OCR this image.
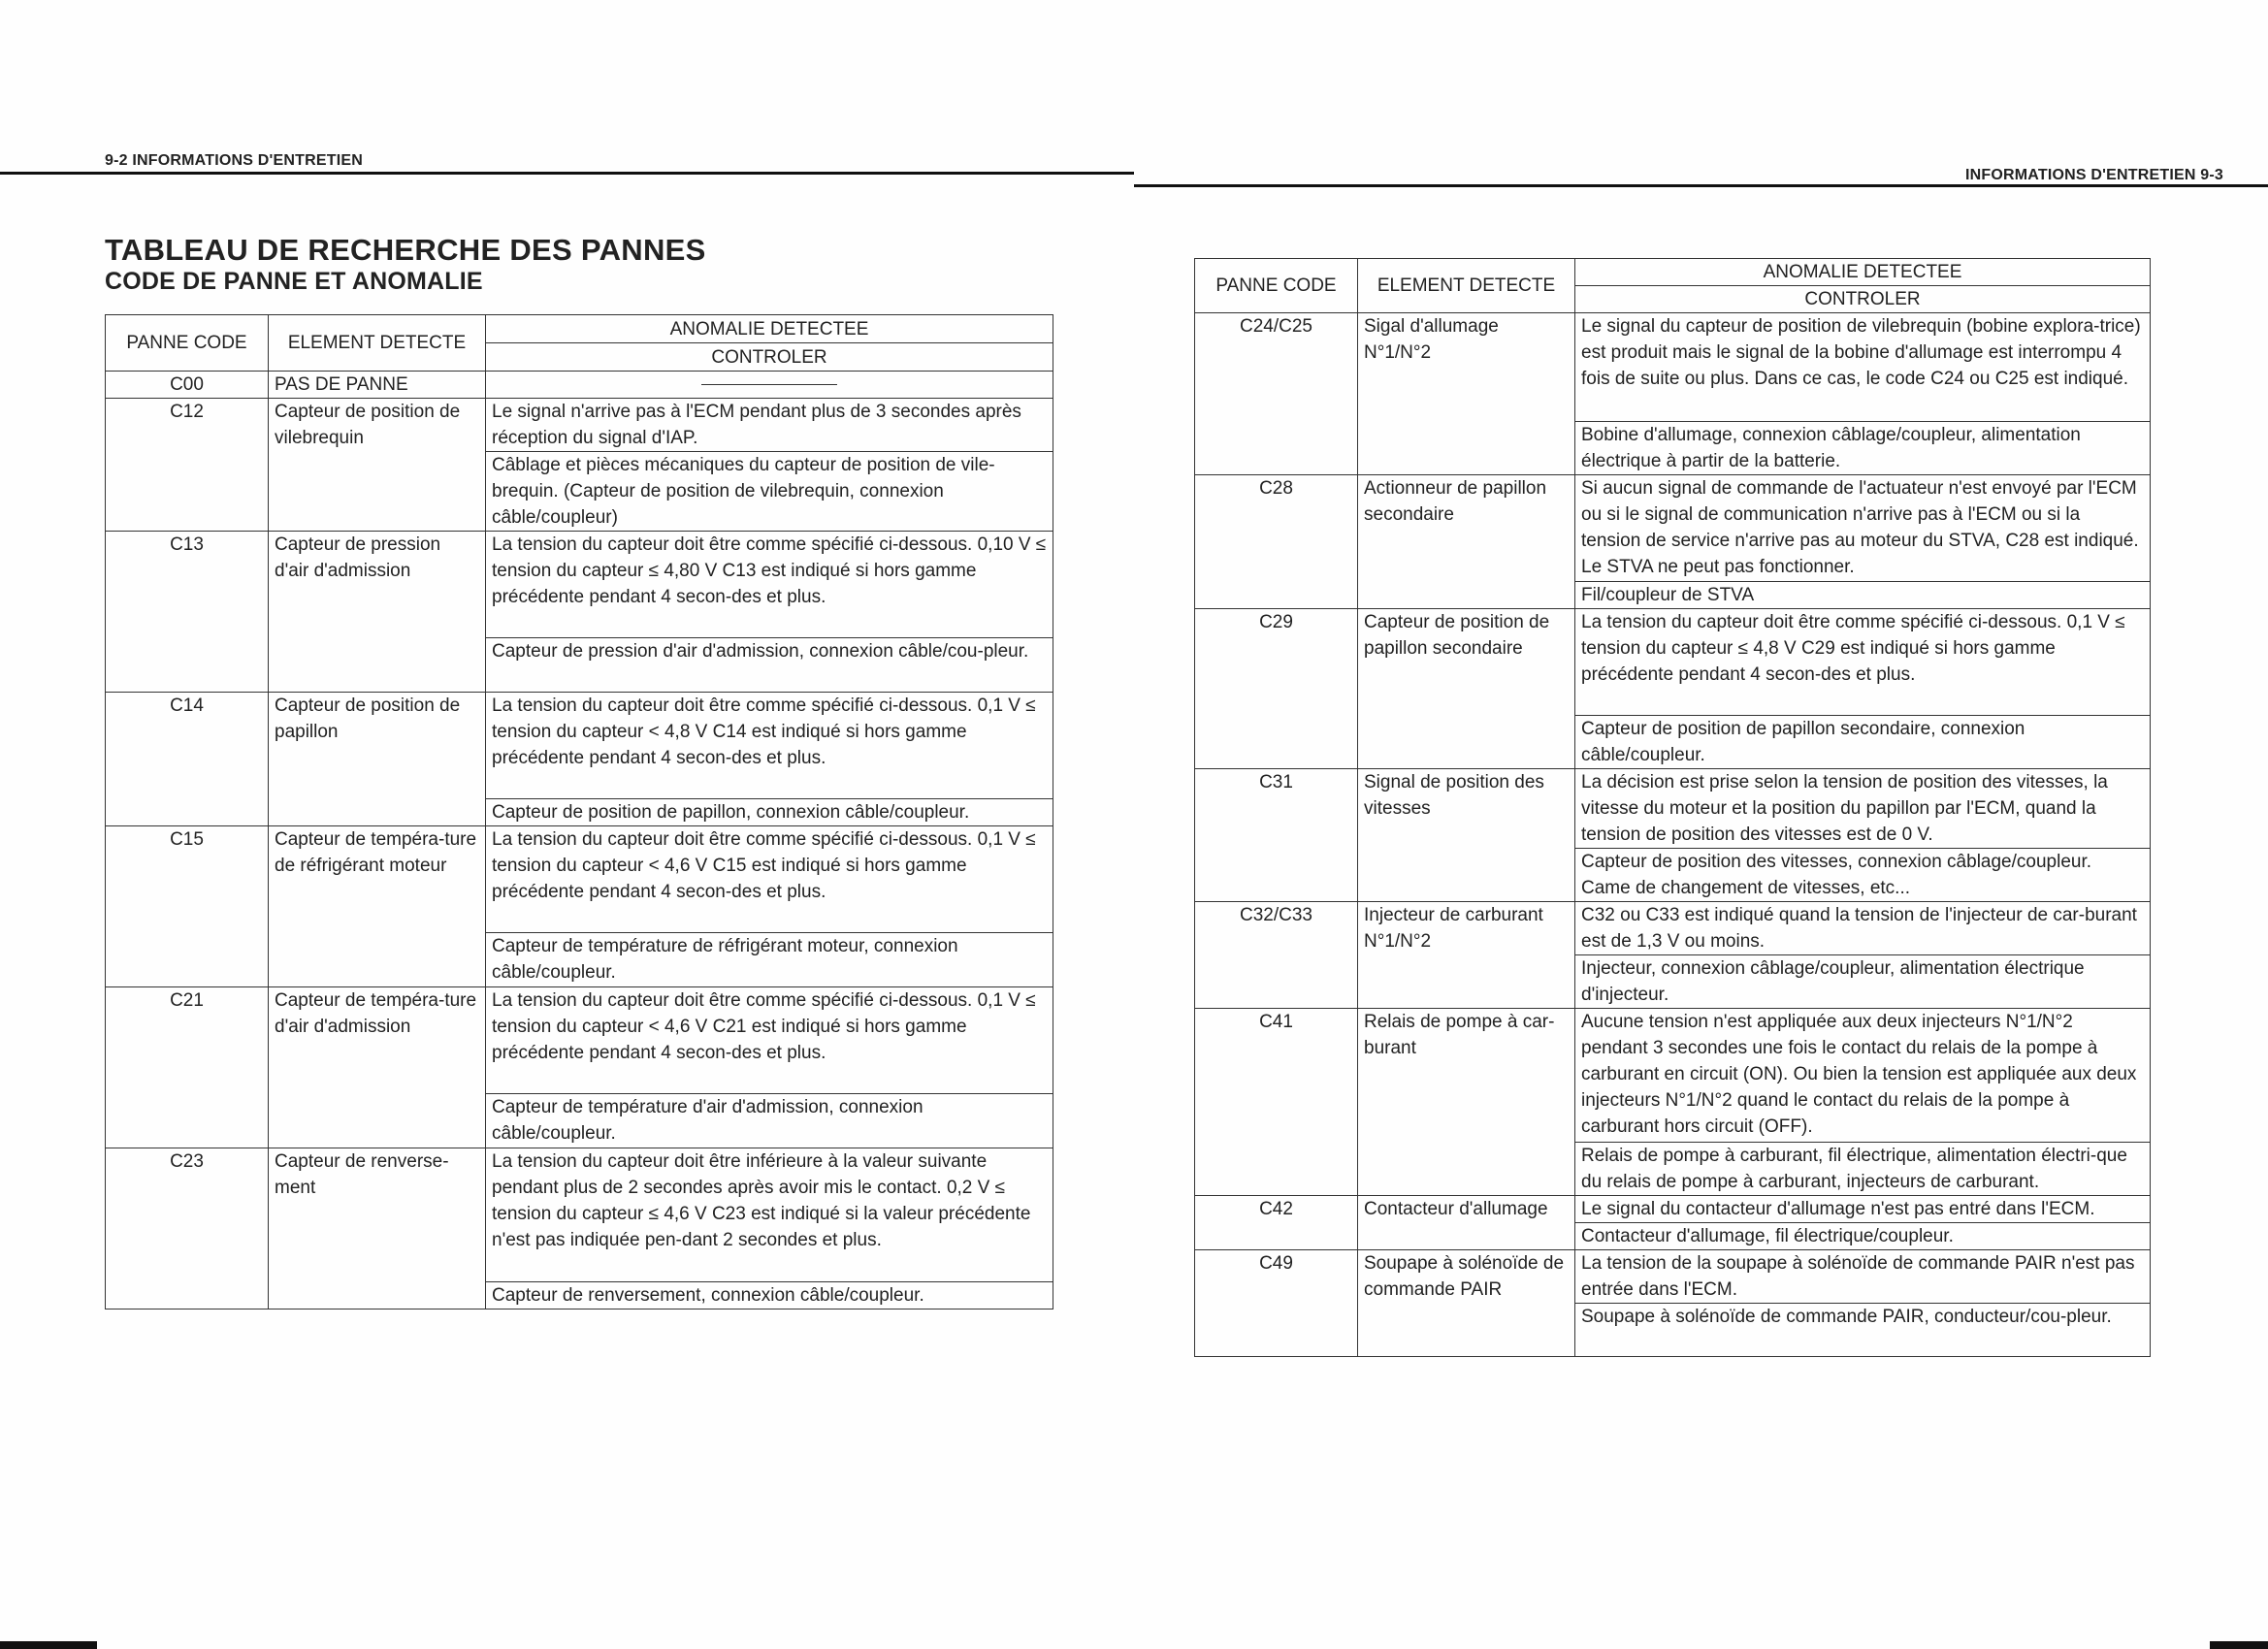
9-2 INFORMATIONS D'ENTRETIEN
TABLEAU DE RECHERCHE DES PANNES
CODE DE PANNE ET ANOMALIE
PANNE CODE	ELEMENT DETECTE	ANOMALIE DETECTEE
		CONTROLER
C00	PAS DE PANNE	
C12	Capteur de position de vilebrequin	Le signal n'arrive pas à l'ECM pendant plus de 3 secondes après réception du signal d'IAP.
		Câblage et pièces mécaniques du capteur de position de vile-brequin. (Capteur de position de vilebrequin, connexion câble/coupleur)
C13	Capteur de pression d'air d'admission	La tension du capteur doit être comme spécifié ci-dessous. 0,10 V ≤ tension du capteur ≤ 4,80 V C13 est indiqué si hors gamme précédente pendant 4 secon-des et plus.
		Capteur de pression d'air d'admission, connexion câble/cou-pleur.
C14	Capteur de position de papillon	La tension du capteur doit être comme spécifié ci-dessous. 0,1 V ≤ tension du capteur < 4,8 V C14 est indiqué si hors gamme précédente pendant 4 secon-des et plus.
		Capteur de position de papillon, connexion câble/coupleur.
C15	Capteur de tempéra-ture de réfrigérant moteur	La tension du capteur doit être comme spécifié ci-dessous. 0,1 V ≤ tension du capteur < 4,6 V C15 est indiqué si hors gamme précédente pendant 4 secon-des et plus.
		Capteur de température de réfrigérant moteur, connexion câble/coupleur.
C21	Capteur de tempéra-ture d'air d'admission	La tension du capteur doit être comme spécifié ci-dessous. 0,1 V ≤ tension du capteur < 4,6 V C21 est indiqué si hors gamme précédente pendant 4 secon-des et plus.
		Capteur de température d'air d'admission, connexion câble/coupleur.
C23	Capteur de renverse-ment	La tension du capteur doit être inférieure à la valeur suivante pendant plus de 2 secondes après avoir mis le contact. 0,2 V ≤ tension du capteur ≤ 4,6 V C23 est indiqué si la valeur précédente n'est pas indiquée pen-dant 2 secondes et plus.
		Capteur de renversement, connexion câble/coupleur.
INFORMATIONS D'ENTRETIEN 9-3
PANNE CODE	ELEMENT DETECTE	ANOMALIE DETECTEE
		CONTROLER
C24/C25	Sigal d'allumage N°1/N°2	Le signal du capteur de position de vilebrequin (bobine explora-trice) est produit mais le signal de la bobine d'allumage est interrompu 4 fois de suite ou plus. Dans ce cas, le code C24 ou C25 est indiqué.
		Bobine d'allumage, connexion câblage/coupleur, alimentation électrique à partir de la batterie.
C28	Actionneur de papillon secondaire	Si aucun signal de commande de l'actuateur n'est envoyé par l'ECM ou si le signal de communication n'arrive pas à l'ECM ou si la tension de service n'arrive pas au moteur du STVA, C28 est indiqué. Le STVA ne peut pas fonctionner.
		Fil/coupleur de STVA
C29	Capteur de position de papillon secondaire	La tension du capteur doit être comme spécifié ci-dessous. 0,1 V ≤ tension du capteur ≤ 4,8 V C29 est indiqué si hors gamme précédente pendant 4 secon-des et plus.
		Capteur de position de papillon secondaire, connexion câble/coupleur.
C31	Signal de position des vitesses	La décision est prise selon la tension de position des vitesses, la vitesse du moteur et la position du papillon par l'ECM, quand la tension de position des vitesses est de 0 V.
		Capteur de position des vitesses, connexion câblage/coupleur. Came de changement de vitesses, etc...
C32/C33	Injecteur de carburant N°1/N°2	C32 ou C33 est indiqué quand la tension de l'injecteur de car-burant est de 1,3 V ou moins.
		Injecteur, connexion câblage/coupleur, alimentation électrique d'injecteur.
C41	Relais de pompe à car-burant	Aucune tension n'est appliquée aux deux injecteurs N°1/N°2 pendant 3 secondes une fois le contact du relais de la pompe à carburant en circuit (ON). Ou bien la tension est appliquée aux deux injecteurs N°1/N°2 quand le contact du relais de la pompe à carburant hors circuit (OFF).
		Relais de pompe à carburant, fil électrique, alimentation électri-que du relais de pompe à carburant, injecteurs de carburant.
C42	Contacteur d'allumage	Le signal du contacteur d'allumage n'est pas entré dans l'ECM.
		Contacteur d'allumage, fil électrique/coupleur.
C49	Soupape à solénoïde de commande PAIR	La tension de la soupape à solénoïde de commande PAIR n'est pas entrée dans l'ECM.
		Soupape à solénoïde de commande PAIR, conducteur/cou-pleur.
